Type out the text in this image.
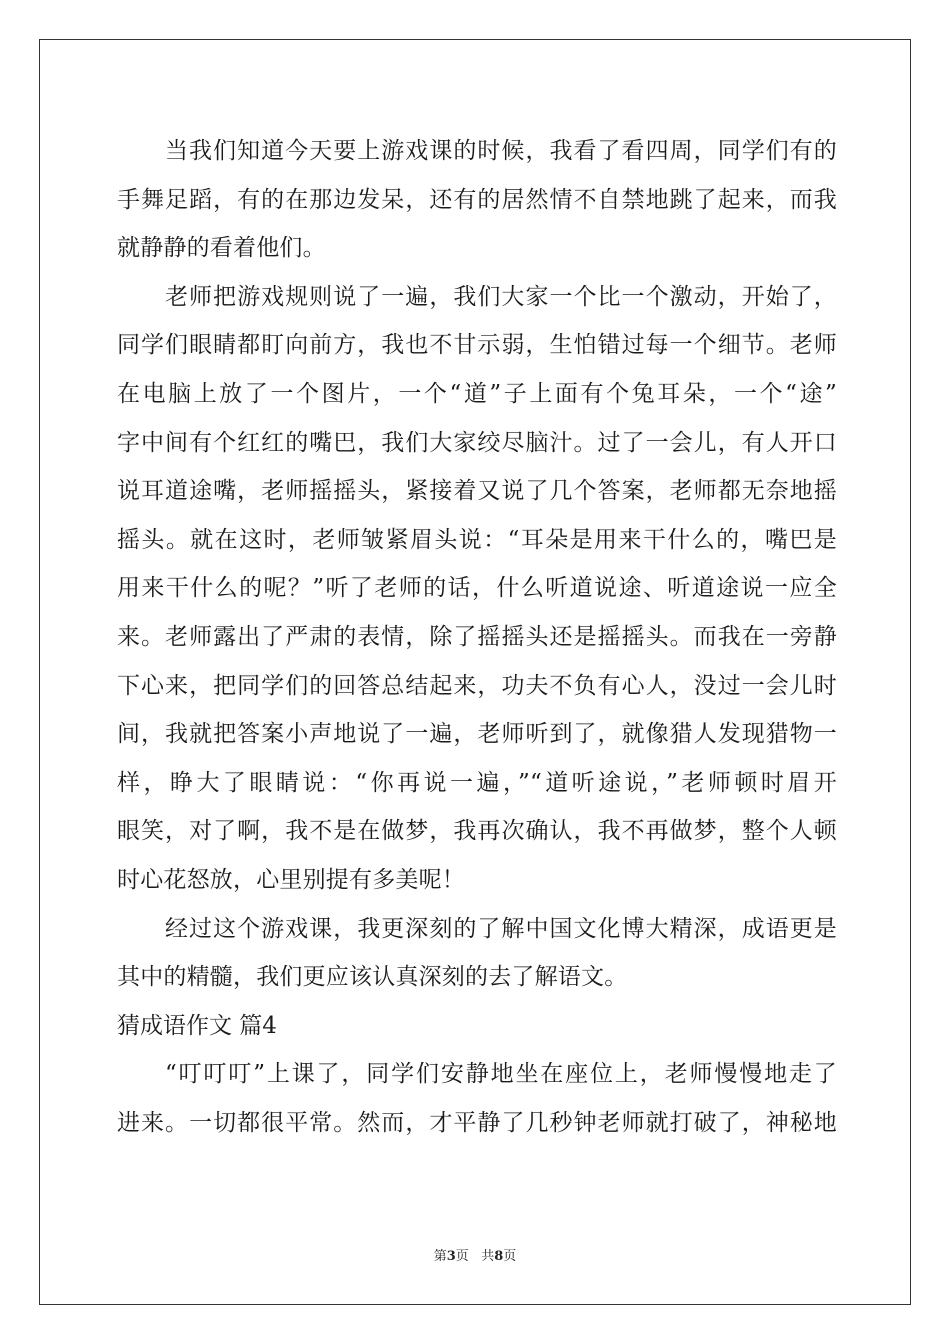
当我们知道今天要上游戏课的时候，我看了看四周，同学们有的
手舞足蹈，有的在那边发呆，还有的居然情不自禁地跳了起来，而我
就静静的看着他们。
老师把游戏规则说了一遍，我们大家一个比一个激动，开始了，
同学们眼睛都盯向前方，我也不甘示弱，生怕错过每一个细节。老师
在电脑上放了一个图片，一个“道”子上面有个兔耳朵，一个“途”
字中间有个红红的嘴巴，我们大家绞尽脑汁。过了一会儿，有人开口
说耳道途嘴，老师摇摇头，紧接着又说了几个答案，老师都无奈地摇
摇头。就在这时，老师皱紧眉头说：“耳朵是用来干什么的，嘴巴是
用来干什么的呢？”听了老师的话，什么听道说途、听道途说一应全
来。老师露出了严肃的表情，除了摇摇头还是摇摇头。而我在一旁静
下心来，把同学们的回答总结起来，功夫不负有心人，没过一会儿时
间，我就把答案小声地说了一遍，老师听到了，就像猎人发现猎物一
样，睁大了眼睛说：“你再说一遍，”“道听途说，”老师顿时眉开
眼笑，对了啊，我不是在做梦，我再次确认，我不再做梦，整个人顿
时心花怒放，心里别提有多美呢！
经过这个游戏课，我更深刻的了解中国文化博大精深，成语更是
其中的精髓，我们更应该认真深刻的去了解语文。
猜成语作文 篇4
“叮叮叮”上课了，同学们安静地坐在座位上，老师慢慢地走了
进来。一切都很平常。然而，才平静了几秒钟老师就打破了，神秘地
第3页   共8页
